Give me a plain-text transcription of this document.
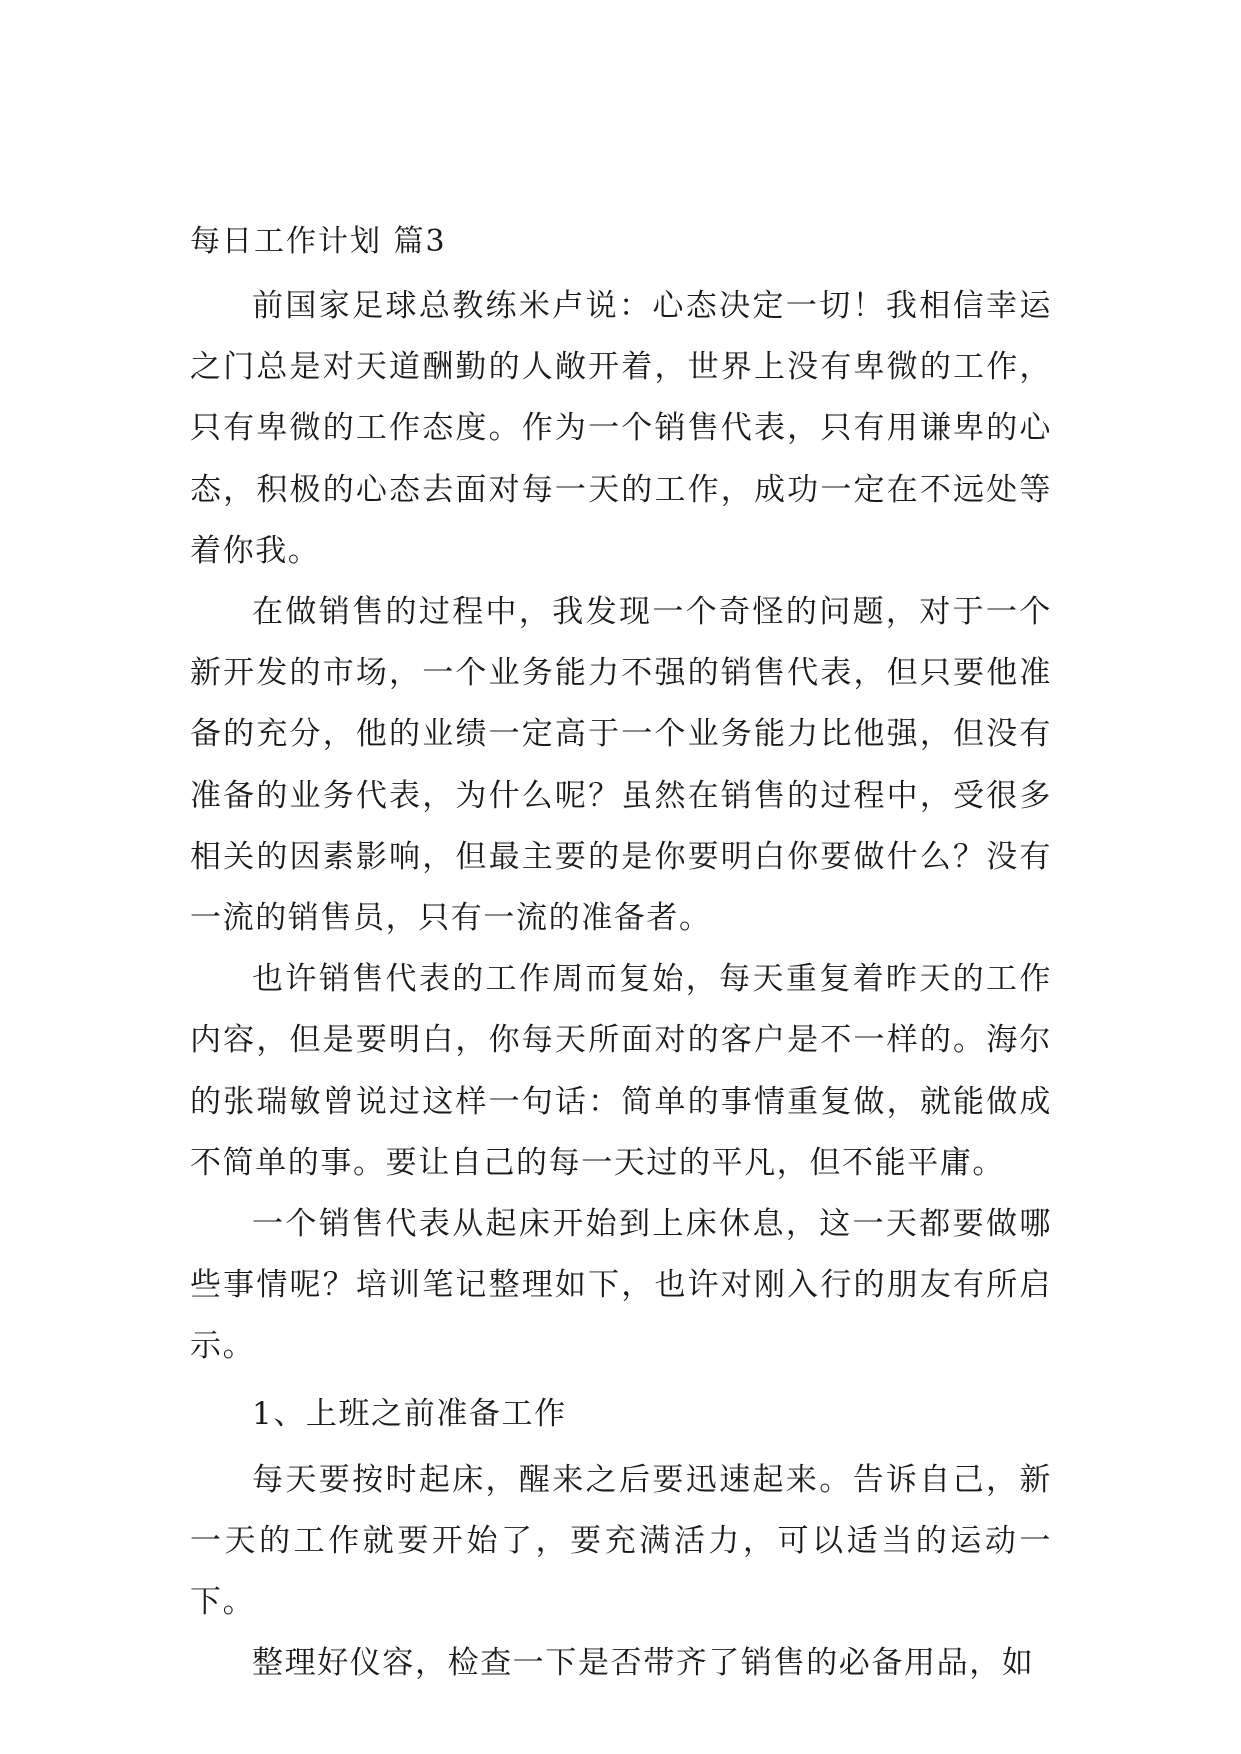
每日工作计划 篇3

前国家足球总教练米卢说：心态决定一切！我相信幸运之门总是对天道酬勤的人敞开着，世界上没有卑微的工作，只有卑微的工作态度。作为一个销售代表，只有用谦卑的心态，积极的心态去面对每一天的工作，成功一定在不远处等着你我。

在做销售的过程中，我发现一个奇怪的问题，对于一个新开发的市场，一个业务能力不强的销售代表，但只要他准备的充分，他的业绩一定高于一个业务能力比他强，但没有准备的业务代表，为什么呢？虽然在销售的过程中，受很多相关的因素影响，但最主要的是你要明白你要做什么？没有一流的销售员，只有一流的准备者。

也许销售代表的工作周而复始，每天重复着昨天的工作内容，但是要明白，你每天所面对的客户是不一样的。海尔的张瑞敏曾说过这样一句话：简单的事情重复做，就能做成不简单的事。要让自己的每一天过的平凡，但不能平庸。

一个销售代表从起床开始到上床休息，这一天都要做哪些事情呢？培训笔记整理如下，也许对刚入行的朋友有所启示。

1、上班之前准备工作

每天要按时起床，醒来之后要迅速起来。告诉自己，新一天的工作就要开始了，要充满活力，可以适当的运动一下。

整理好仪容，检查一下是否带齐了销售的必备用品，如
